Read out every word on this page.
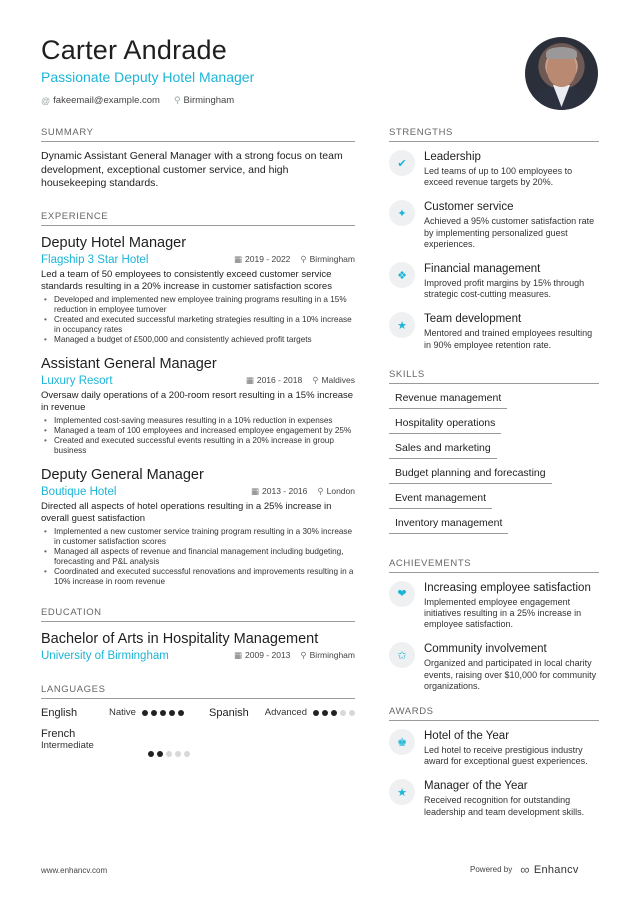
Carter Andrade
Passionate Deputy Hotel Manager
@ fakeemail@example.com ⚲ Birmingham
SUMMARY
Dynamic Assistant General Manager with a strong focus on team development, exceptional customer service, and high housekeeping standards.
EXPERIENCE
Deputy Hotel Manager
Flagship 3 Star Hotel	▦ 2019 - 2022 ⚲ Birmingham
Led a team of 50 employees to consistently exceed customer service standards resulting in a 20% increase in customer satisfaction scores
• Developed and implemented new employee training programs resulting in a 15% reduction in employee turnover
• Created and executed successful marketing strategies resulting in a 10% increase in occupancy rates
• Managed a budget of £500,000 and consistently achieved profit targets
Assistant General Manager
Luxury Resort	▦ 2016 - 2018 ⚲ Maldives
Oversaw daily operations of a 200-room resort resulting in a 15% increase in revenue
• Implemented cost-saving measures resulting in a 10% reduction in expenses
• Managed a team of 100 employees and increased employee engagement by 25%
• Created and executed successful events resulting in a 20% increase in group business
Deputy General Manager
Boutique Hotel	▦ 2013 - 2016 ⚲ London
Directed all aspects of hotel operations resulting in a 25% increase in overall guest satisfaction
• Implemented a new customer service training program resulting in a 30% increase in customer satisfaction scores
• Managed all aspects of revenue and financial management including budgeting, forecasting and P&L analysis
• Coordinated and executed successful renovations and improvements resulting in a 10% increase in room revenue
EDUCATION
Bachelor of Arts in Hospitality Management
University of Birmingham	▦ 2009 - 2013 ⚲ Birmingham
LANGUAGES
English	Native	Spanish	Advanced
French
Intermediate
STRENGTHS
✔
Leadership
Led teams of up to 100 employees to exceed revenue targets by 20%.
✦
Customer service
Achieved a 95% customer satisfaction rate by implementing personalized guest experiences.
❖
Financial management
Improved profit margins by 15% through strategic cost-cutting measures.
★
Team development
Mentored and trained employees resulting in 90% employee retention rate.
SKILLS
Revenue management
Hospitality operations
Sales and marketing
Budget planning and forecasting
Event management
Inventory management
ACHIEVEMENTS
❤
Increasing employee satisfaction
Implemented employee engagement initiatives resulting in a 25% increase in employee satisfaction.
✩
Community involvement
Organized and participated in local charity events, raising over $10,000 for community organizations.
AWARDS
♚
Hotel of the Year
Led hotel to receive prestigious industry award for exceptional guest experiences.
★
Manager of the Year
Received recognition for outstanding leadership and team development skills.
www.enhancv.com	Powered by ∞ Enhancv
